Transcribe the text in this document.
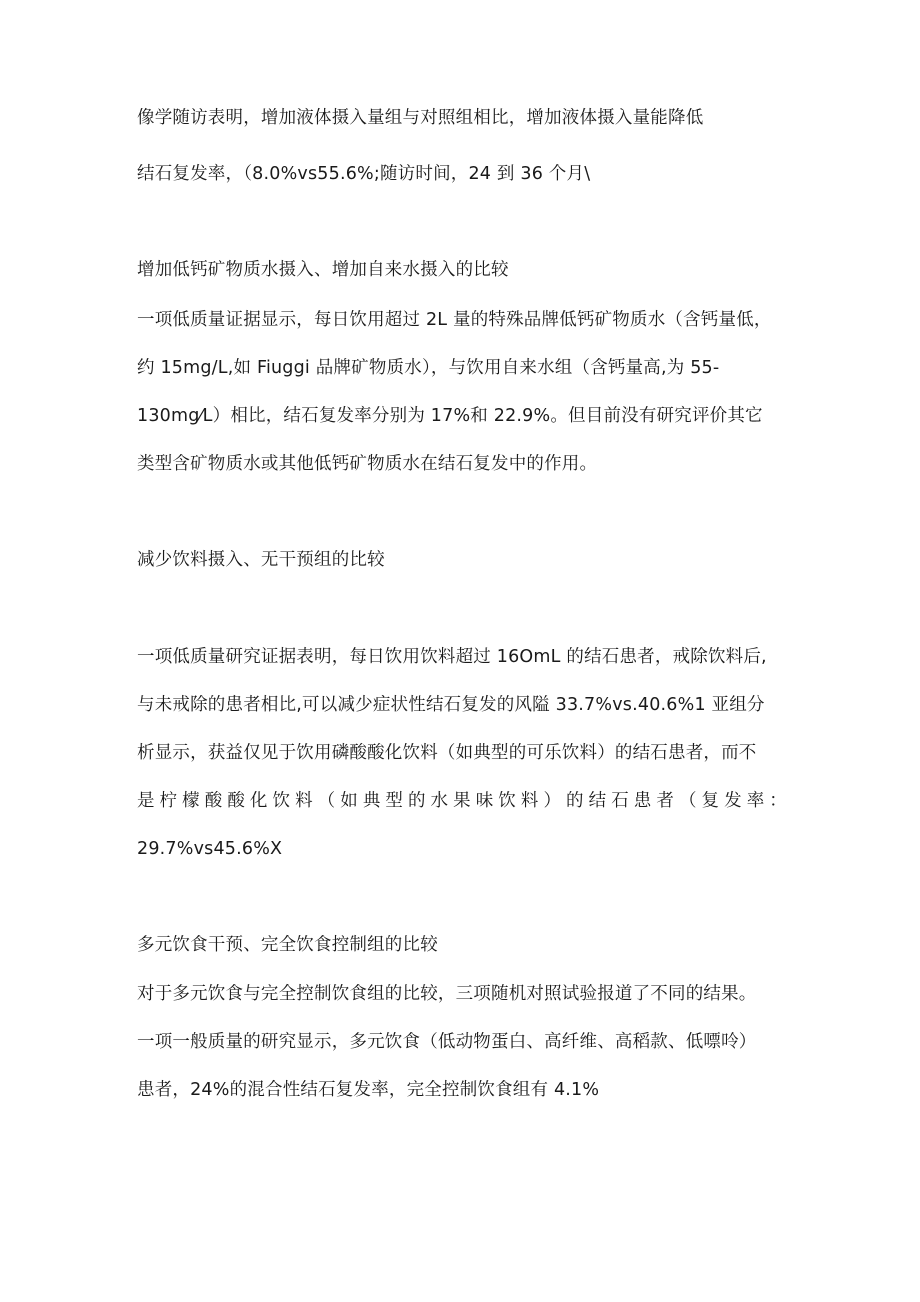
像学随访表明，增加液体摄入量组与对照组相比，增加液体摄入量能降低
结石复发率，（8.0%vs55.6%;随访时间，24 到 36 个月\
增加低钙矿物质水摄入、增加自来水摄入的比较
一项低质量证据显示，每日饮用超过 2L 量的特殊品牌低钙矿物质水（含钙量低，
约 15mg/L,如 Fiuggi 品牌矿物质水），与饮用自来水组（含钙量高,为 55-
130mg⁄L）相比，结石复发率分别为 17%和 22.9%。但目前没有研究评价其它
类型含矿物质水或其他低钙矿物质水在结石复发中的作用。
减少饮料摄入、无干预组的比较
一项低质量研究证据表明，每日饮用饮料超过 16OmL 的结石患者，戒除饮料后,
与未戒除的患者相比,可以减少症状性结石复发的风隘 33.7%vs.40.6%1 亚组分
析显示，获益仅见于饮用磷酸酸化饮料（如典型的可乐饮料）的结石患者，而不
是柠檬酸酸化饮料（如典型的水果味饮料）的结石患者（复发率：
29.7%vs45.6%X
多元饮食干预、完全饮食控制组的比较
对于多元饮食与完全控制饮食组的比较，三项随机对照试验报道了不同的结果。
一项一般质量的研究显示，多元饮食（低动物蛋白、高纤维、高稻款、低嘌呤）
患者，24%的混合性结石复发率，完全控制饮食组有 4.1%
